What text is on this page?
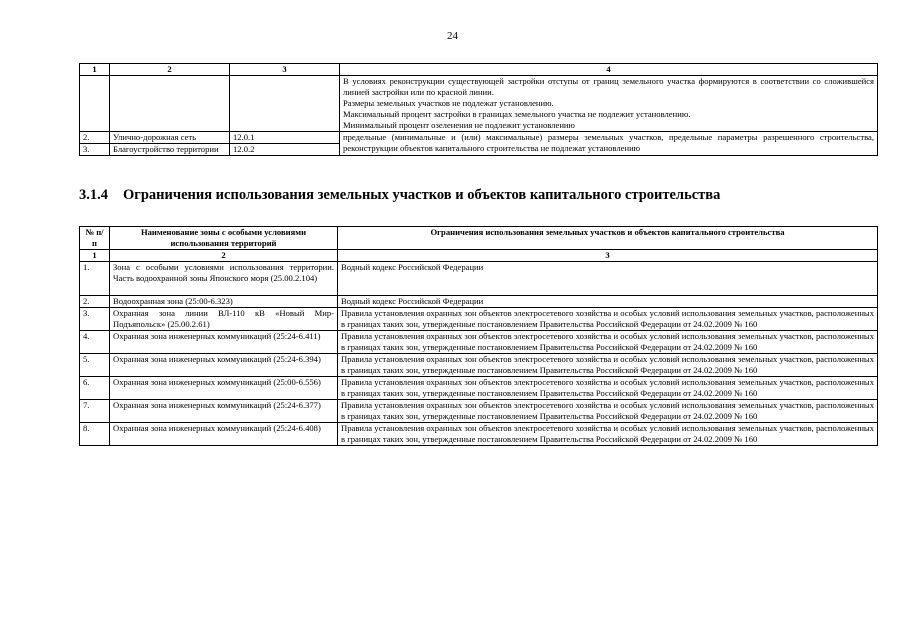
24
1	2	3	4

			В условиях реконструкции существующей застройки отступы от границ земельного участка формируются в соответствии со сложившейся линией застройки или по красной линии.
Размеры земельных участков не подлежат установлению.
Максимальный процент застройки в границах земельного участка не подлежит установлению.
Минимальный процент озеленения не подлежит установлению

2.	Улично-дорожная сеть	12.0.1	предельные (минимальные и (или) максимальные) размеры земельных участков, предельные параметры разрешенного строительства, реконструкции объектов капитального строительства не подлежат установлению
3.	Благоустройство территории	12.0.2	
3.1.4 Ограничения использования земельных участков и объектов капитального строительства
№ п/п	Наименование зоны с особыми условиями использования территорий	Ограничения использования земельных участков и объектов капитального строительства
1	2	3
1.	Зона с особыми условиями использования территории. Часть водоохранной зоны Японского моря (25.00.2.104)	Водный кодекс Российской Федерации
2.	Водоохранная зона (25:00-6.323)	Водный кодекс Российской Федерации
3.	Охранная зона линии ВЛ-110 кВ «Новый Мир-Подъяпольск» (25.00.2.61)	Правила установления охранных зон объектов электросетевого хозяйства и особых условий использования земельных участков, расположенных в границах таких зон, утвержденные постановлением Правительства Российской Федерации от 24.02.2009 № 160
4.	Охранная зона инженерных коммуникаций (25:24-6.411)	Правила установления охранных зон объектов электросетевого хозяйства и особых условий использования земельных участков, расположенных в границах таких зон, утвержденные постановлением Правительства Российской Федерации от 24.02.2009 № 160
5.	Охранная зона инженерных коммуникаций (25:24-6.394)	Правила установления охранных зон объектов электросетевого хозяйства и особых условий использования земельных участков, расположенных в границах таких зон, утвержденные постановлением Правительства Российской Федерации от 24.02.2009 № 160
6.	Охранная зона инженерных коммуникаций (25:00-6.556)	Правила установления охранных зон объектов электросетевого хозяйства и особых условий использования земельных участков, расположенных в границах таких зон, утвержденные постановлением Правительства Российской Федерации от 24.02.2009 № 160
7.	Охранная зона инженерных коммуникаций (25:24-6.377)	Правила установления охранных зон объектов электросетевого хозяйства и особых условий использования земельных участков, расположенных в границах таких зон, утвержденные постановлением Правительства Российской Федерации от 24.02.2009 № 160
8.	Охранная зона инженерных коммуникаций (25:24-6.408)	Правила установления охранных зон объектов электросетевого хозяйства и особых условий использования земельных участков, расположенных в границах таких зон, утвержденные постановлением Правительства Российской Федерации от 24.02.2009 № 160
